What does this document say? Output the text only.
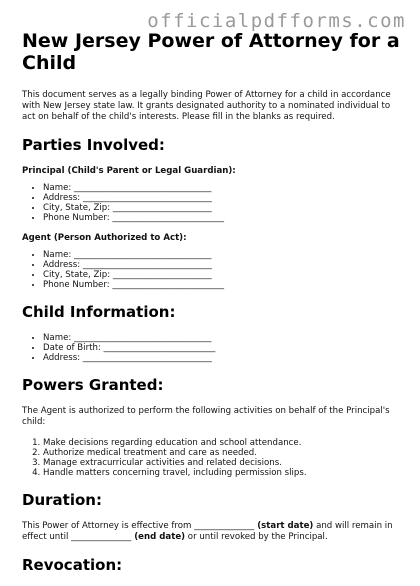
officialpdfforms.com
New Jersey Power of Attorney for a Child

This document serves as a legally binding Power of Attorney for a child in accordance with New Jersey state law. It grants designated authority to a nominated individual to act on behalf of the child's interests. Please fill in the blanks as required.

Parties Involved:
Principal (Child's Parent or Legal Guardian):
• Name: ________________________________
• Address: ______________________________
• City, State, Zip: _______________________
• Phone Number: __________________________
Agent (Person Authorized to Act):
• Name: ________________________________
• Address: ______________________________
• City, State, Zip: _______________________
• Phone Number: __________________________
Child Information:
• Name: ________________________________
• Date of Birth: __________________________
• Address: ______________________________
Powers Granted:

The Agent is authorized to perform the following activities on behalf of the Principal's child:

1. Make decisions regarding education and school attendance.
2. Authorize medical treatment and care as needed.
3. Manage extracurricular activities and related decisions.
4. Handle matters concerning travel, including permission slips.
Duration:

This Power of Attorney is effective from ______________ (start date) and will remain in effect until ______________ (end date) or until revoked by the Principal.

Revocation:
